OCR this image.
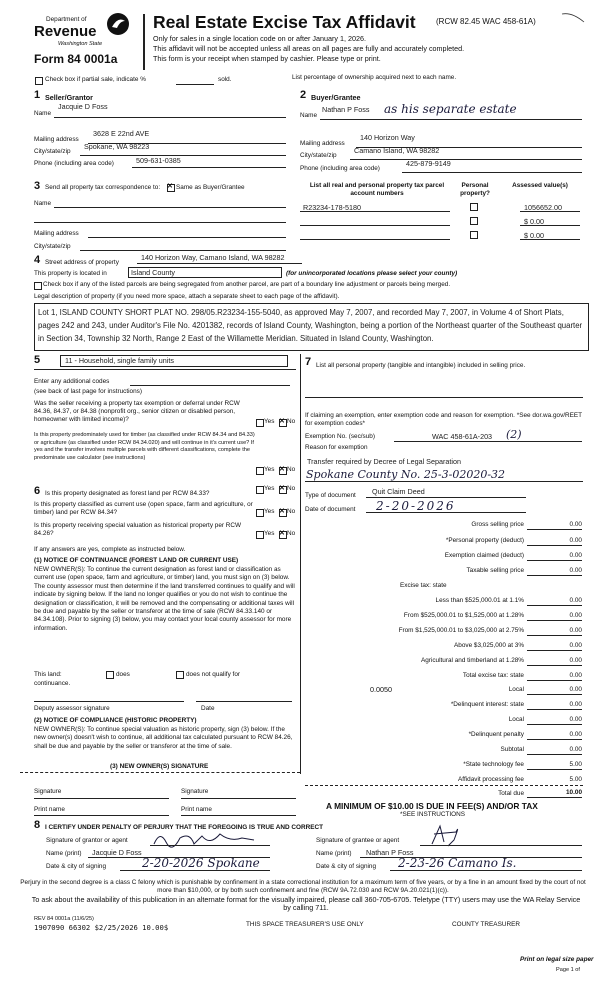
Department of
Revenue
Washington State
Form 84 0001a
Real Estate Excise Tax Affidavit	(RCW 82.45 WAC 458-61A)
Only for sales in a single location code on or after January 1, 2026.
This affidavit will not be accepted unless all areas on all pages are fully and accurately completed.
This form is your receipt when stamped by cashier. Please type or print.
Check box if partial sale, indicate %	sold.	List percentage of ownership acquired next to each name.
1 Seller/Grantor
Name
Jacquie D Foss
Mailing address
3628 E 22nd AVE
City/state/zip
Spokane, WA 98223
Phone (including area code)	509-631-0385
2 Buyer/Grantee
Name
Nathan P Foss as his separate estate
Mailing address
140 Horizon Way
City/state/zip
Camano Island, WA 98282
Phone (including area code)
425-879-9149
3 Send all property tax correspondence to: ✕ Same as Buyer/Grantee
Name
Mailing address
City/state/zip
List all real and personal property tax parcel account numbers
Personal property?
Assessed value(s)
R23234-178-5180	1056652.00
$ 0.00
$ 0.00
4 Street address of property
140 Horizon Way, Camano Island, WA 98282
This property is located in	Island County	(for unincorporated locations please select your county)
Check box if any of the listed parcels are being segregated from another parcel, are part of a boundary line adjustment or parcels being merged.
Legal description of property (if you need more space, attach a separate sheet to each page of the affidavit).
Lot 1, ISLAND COUNTY SHORT PLAT NO. 298/05.R23234-155-5040, as approved May 7, 2007, and recorded May 7, 2007, in Volume 4 of Short Plats, pages 242 and 243, under Auditor's File No. 4201382, records of Island County, Washington, being a portion of the Northeast quarter of the Southeast quarter in Section 34, Township 32 North, Range 2 East of the Willamette Meridian. Situated in Island County, Washington.
5	11 - Household, single family units
Enter any additional codes
(see back of last page for instructions)
Was the seller receiving a property tax exemption or deferral under RCW 84.36, 84.37, or 84.38 (nonprofit org., senior citizen or disabled person, homeowner with limited income)?	Yes ✕ No
Is this property predominately used for timber (as classified under RCW 84.34 and 84.33) or agriculture (as classified under RCW 84.34.020) and will continue in it's current use? If yes and the transfer involves multiple parcels with different classifications, complete the predominate use calculator (see instructions)
Yes ✕ No
6 Is this property designated as forest land per RCW 84.33?
Yes ✕ No
Is this property classified as current use (open space, farm and agriculture, or timber) land per RCW 84.34?	Yes ✕ No
Is this property receiving special valuation as historical property per RCW 84.26?	Yes ✕ No
If any answers are yes, complete as instructed below.
(1) NOTICE OF CONTINUANCE (FOREST LAND OR CURRENT USE)
NEW OWNER(S): To continue the current designation as forest land or classification as current use (open space, farm and agriculture, or timber) land, you must sign on (3) below. The county assessor must then determine if the land transferred continues to qualify and will indicate by signing below. If the land no longer qualifies or you do not wish to continue the designation or classification, it will be removed and the compensating or additional taxes will be due and payable by the seller or transferor at the time of sale (RCW 84.33.140 or 84.34.108). Prior to signing (3) below, you may contact your local county assessor for more information.
This land:	does	does not qualify for
continuance.
Deputy assessor signature	Date
(2) NOTICE OF COMPLIANCE (HISTORIC PROPERTY)
NEW OWNER(S): To continue special valuation as historic property, sign (3) below. If the new owner(s) doesn't wish to continue, all additional tax calculated pursuant to RCW 84.26, shall be due and payable by the seller or transferor at the time of sale.
(3) NEW OWNER(S) SIGNATURE
Signature	Signature
Print name	Print name
7 List all personal property (tangible and intangible) included in selling price.
If claiming an exemption, enter exemption code and reason for exemption. *See dor.wa.gov/REET for exemption codes*
Exemption No. (sec/sub)	WAC 458-61A-203 (2)
Reason for exemption
Transfer required by Decree of Legal Separation
Spokane County No. 25-3-02020-32
Type of document Quit Claim Deed
Date of document 2-20-2026
Gross selling price	0.00
*Personal property (deduct)	0.00
Exemption claimed (deduct)	0.00
Taxable selling price	0.00
Excise tax: state
Less than $525,000.01 at 1.1%	0.00
From $525,000.01 to $1,525,000 at 1.28%	0.00
From $1,525,000.01 to $3,025,000 at 2.75%	0.00
Above $3,025,000 at 3%	0.00
Agricultural and timberland at 1.28%	0.00
Total excise tax: state	0.00
0.0050	Local	0.00
*Delinquent interest: state	0.00
Local	0.00
*Delinquent penalty	0.00
Subtotal	0.00
*State technology fee	5.00
Affidavit processing fee	5.00
Total due	10.00
A MINIMUM OF $10.00 IS DUE IN FEE(S) AND/OR TAX
*SEE INSTRUCTIONS
8 I CERTIFY UNDER PENALTY OF PERJURY THAT THE FOREGOING IS TRUE AND CORRECT
Signature of grantor or agent
Name (print) Jacquie D Foss
Date & city of signing	2-20-2026 Spokane
Signature of grantee or agent
Name (print) Nathan P Foss
Date & city of signing 2-23-26 Camano Is.
Perjury in the second degree is a class C felony which is punishable by confinement in a state correctional institution for a maximum term of five years, or by a fine in an amount fixed by the court of not more than $10,000, or by both such confinement and fine (RCW 9A.72.030 and RCW 9A.20.021(1)(c)).
To ask about the availability of this publication in an alternate format for the visually impaired, please call 360-705-6705. Teletype (TTY) users may use the WA Relay Service by calling 711.
REV 84 0001a (11/6/25)
1907090 66302 $2/25/2026 10.00$	THIS SPACE TREASURER'S USE ONLY	COUNTY TREASURER
Print on legal size paper
Page 1 of
